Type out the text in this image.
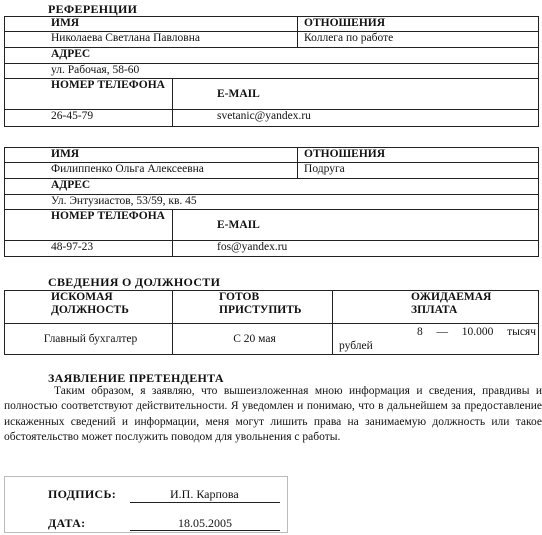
РЕФЕРЕНЦИИ
ИМЯ		ОТНОШЕНИЯ
Николаева Светлана Павловна		Коллега по работе
АДРЕС		
ул. Рабочая, 58-60		

НОМЕР ТЕЛЕФОНА	E-MAIL	
26-45-79	svetanic@yandex.ru	
ИМЯ		ОТНОШЕНИЯ
Филиппенко Ольга Алексеевна		Подруга
АДРЕС		
Ул. Энтузиастов, 53/59, кв. 45		

НОМЕР ТЕЛЕФОНА	E-MAIL	
48-97-23	fos@yandex.ru	
СВЕДЕНИЯ О ДОЛЖНОСТИ
ИСКОМАЯ ДОЛЖНОСТЬ	ГОТОВ ПРИСТУПИТЬ	ОЖИДАЕМАЯ ЗПЛАТА

Главный бухгалтер	С 20 мая	8 — 10.000 тысяч рублей
ЗАЯВЛЕНИЕ ПРЕТЕНДЕНТА
Таким образом, я заявляю, что вышеизложенная мною информация и сведения, правдивы и полностью соответствуют действительности. Я уведомлен и понимаю, что в дальнейшем за предоставление искаженных сведений и информации, меня могут лишить права на занимаемую должность или такое обстоятельство может послужить поводом для увольнения с работы.
ПОДПИСЬ:	И.П. Карпова
ДАТА:	18.05.2005
